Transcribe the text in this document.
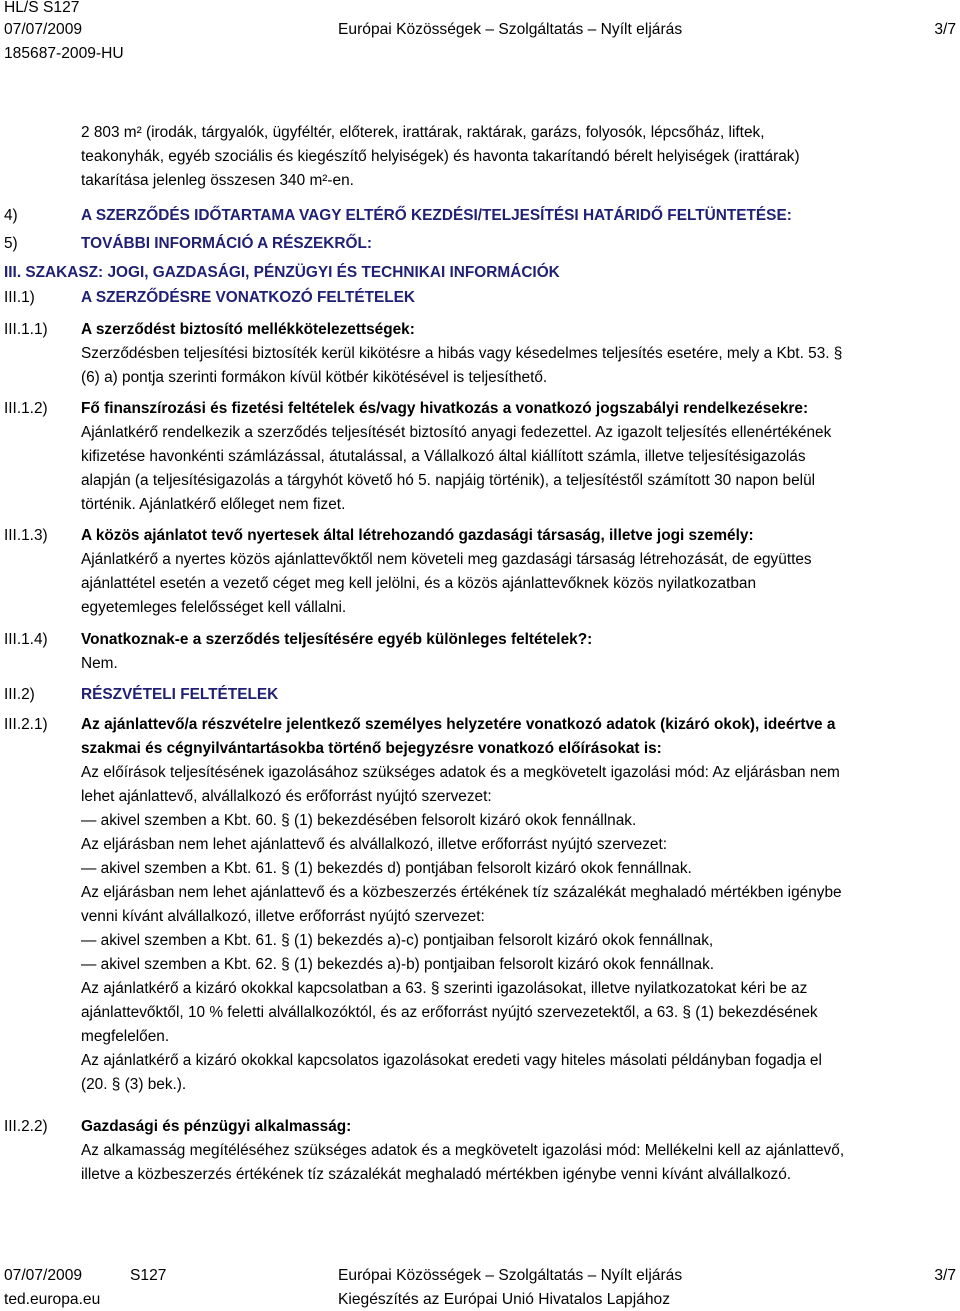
HL/S S127
07/07/2009	Európai Közösségek – Szolgáltatás – Nyílt eljárás	3/7
185687-2009-HU

2 803 m² (irodák, tárgyalók, ügyféltér, előterek, irattárak, raktárak, garázs, folyosók, lépcsőház, liftek,

teakonyhák, egyéb szociális és kiegészítő helyiségek) és havonta takarítandó bérelt helyiségek (irattárak)

takarítása jelenleg összesen 340 m²-en.

4)	A SZERZŐDÉS IDŐTARTAMA VAGY ELTÉRŐ KEZDÉSI/TELJESÍTÉSI HATÁRIDŐ FELTÜNTETÉSE:
5)	TOVÁBBI INFORMÁCIÓ A RÉSZEKRŐL:
III. SZAKASZ: JOGI, GAZDASÁGI, PÉNZÜGYI ÉS TECHNIKAI INFORMÁCIÓK
III.1)	A SZERZŐDÉSRE VONATKOZÓ FELTÉTELEK
III.1.1)	A szerződést biztosító mellékkötelezettségek:

Szerződésben teljesítési biztosíték kerül kikötésre a hibás vagy késedelmes teljesítés esetére, mely a Kbt. 53. §

(6) a) pontja szerinti formákon kívül kötbér kikötésével is teljesíthető.

III.1.2)	Fő finanszírozási és fizetési feltételek és/vagy hivatkozás a vonatkozó jogszabályi rendelkezésekre:

Ajánlatkérő rendelkezik a szerződés teljesítését biztosító anyagi fedezettel. Az igazolt teljesítés ellenértékének

kifizetése havonkénti számlázással, átutalással, a Vállalkozó által kiállított számla, illetve teljesítésigazolás

alapján (a teljesítésigazolás a tárgyhót követő hó 5. napjáig történik), a teljesítéstől számított 30 napon belül

történik. Ajánlatkérő előleget nem fizet.

III.1.3)	A közös ajánlatot tevő nyertesek által létrehozandó gazdasági társaság, illetve jogi személy:

Ajánlatkérő a nyertes közös ajánlattevőktől nem követeli meg gazdasági társaság létrehozását, de együttes

ajánlattétel esetén a vezető céget meg kell jelölni, és a közös ajánlattevőknek közös nyilatkozatban

egyetemleges felelősséget kell vállalni.

III.1.4)	Vonatkoznak-e a szerződés teljesítésére egyéb különleges feltételek?:

Nem.

III.2)	RÉSZVÉTELI FELTÉTELEK
III.2.1)	Az ajánlattevő/a részvételre jelentkező személyes helyzetére vonatkozó adatok (kizáró okok), ideértve a

szakmai és cégnyilvántartásokba történő bejegyzésre vonatkozó előírásokat is:

Az előírások teljesítésének igazolásához szükséges adatok és a megkövetelt igazolási mód: Az eljárásban nem

lehet ajánlattevő, alvállalkozó és erőforrást nyújtó szervezet:

— akivel szemben a Kbt. 60. § (1) bekezdésében felsorolt kizáró okok fennállnak.

Az eljárásban nem lehet ajánlattevő és alvállalkozó, illetve erőforrást nyújtó szervezet:

— akivel szemben a Kbt. 61. § (1) bekezdés d) pontjában felsorolt kizáró okok fennállnak.

Az eljárásban nem lehet ajánlattevő és a közbeszerzés értékének tíz százalékát meghaladó mértékben igénybe

venni kívánt alvállalkozó, illetve erőforrást nyújtó szervezet:

— akivel szemben a Kbt. 61. § (1) bekezdés a)-c) pontjaiban felsorolt kizáró okok fennállnak,

— akivel szemben a Kbt. 62. § (1) bekezdés a)-b) pontjaiban felsorolt kizáró okok fennállnak.

Az ajánlatkérő a kizáró okokkal kapcsolatban a 63. § szerinti igazolásokat, illetve nyilatkozatokat kéri be az

ajánlattevőktől, 10 % feletti alvállalkozóktól, és az erőforrást nyújtó szervezetektől, a 63. § (1) bekezdésének

megfelelően.

Az ajánlatkérő a kizáró okokkal kapcsolatos igazolásokat eredeti vagy hiteles másolati példányban fogadja el

(20. § (3) bek.).

III.2.2)	Gazdasági és pénzügyi alkalmasság:

Az alkamasság megítéléséhez szükséges adatok és a megkövetelt igazolási mód: Mellékelni kell az ajánlattevő,

illetve a közbeszerzés értékének tíz százalékát meghaladó mértékben igénybe venni kívánt alvállalkozó.

07/07/2009	S127	Európai Közösségek – Szolgáltatás – Nyílt eljárás	3/7
ted.europa.eu	Kiegészítés az Európai Unió Hivatalos Lapjához
